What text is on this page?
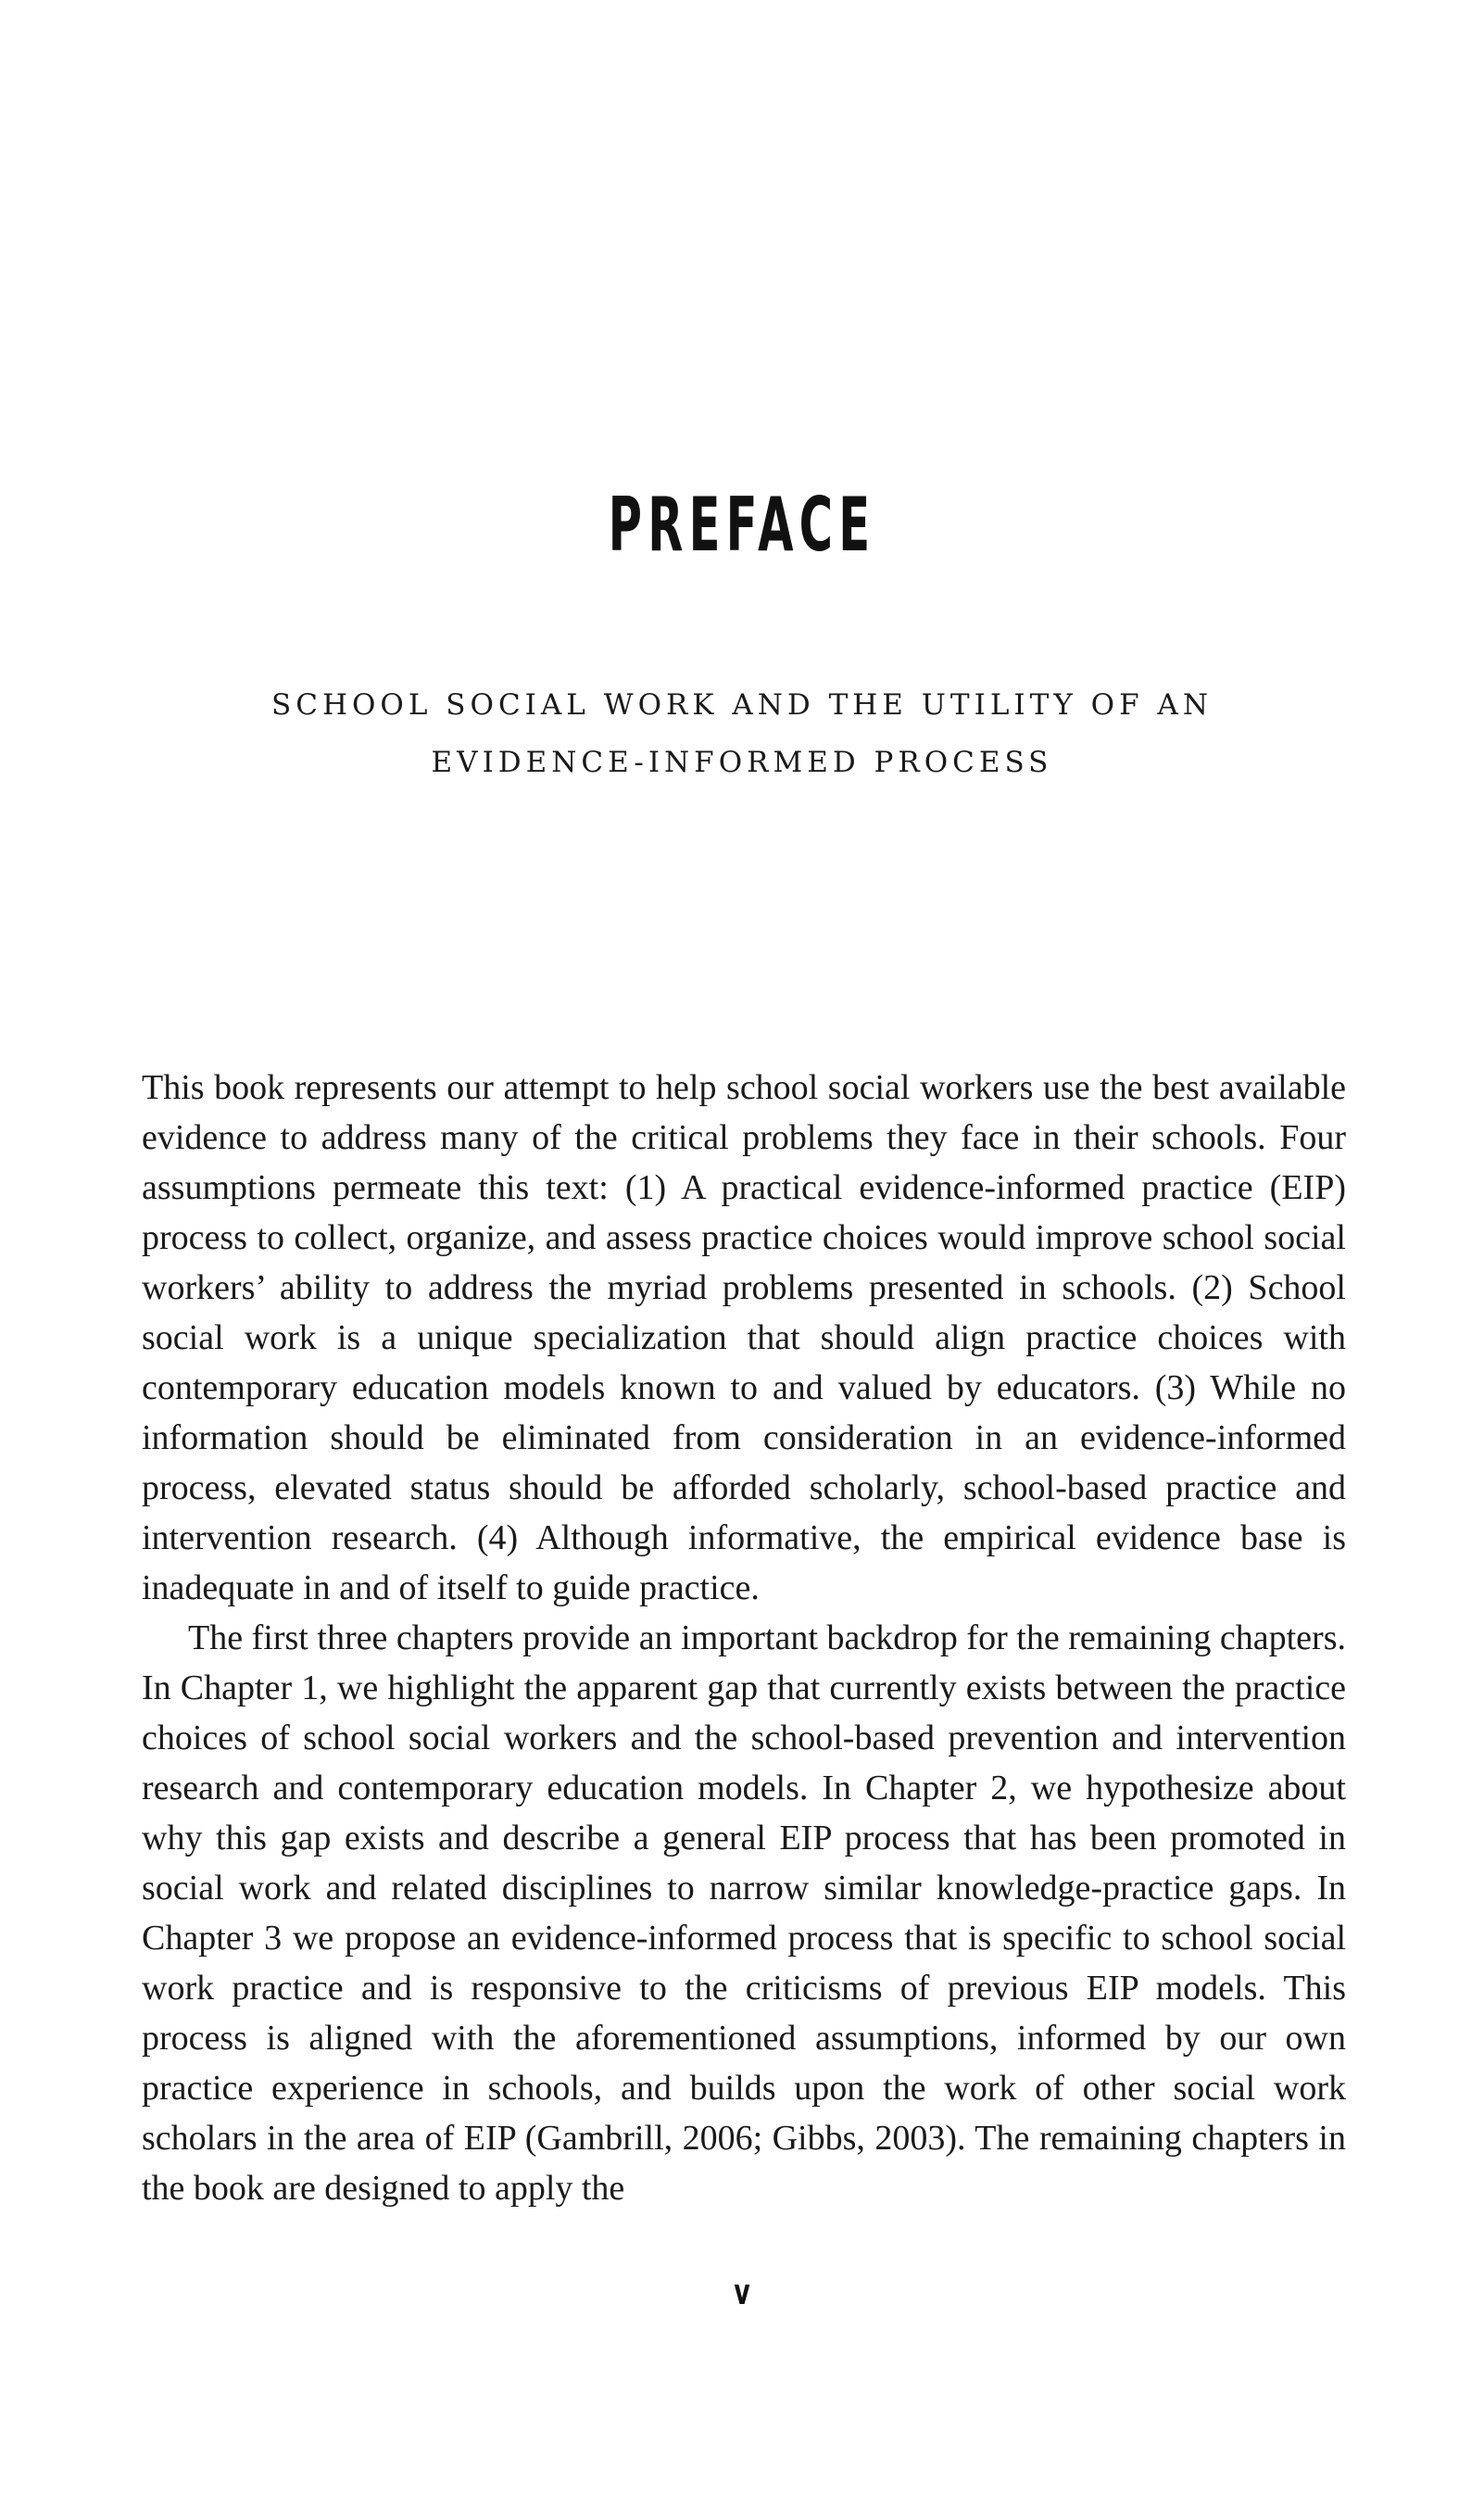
PREFACE
SCHOOL SOCIAL WORK AND THE UTILITY OF AN
EVIDENCE-INFORMED PROCESS

This book represents our attempt to help school social workers use the best available evidence to address many of the critical problems they face in their schools. Four assumptions permeate this text: (1) A practical evidence-informed practice (EIP) process to collect, organize, and assess practice choices would improve school social workers’ ability to address the myriad problems presented in schools. (2) School social work is a unique specialization that should align practice choices with contemporary education models known to and valued by educators. (3) While no information should be eliminated from consideration in an evidence-informed process, elevated status should be afforded scholarly, school-based practice and intervention research. (4) Although informative, the empirical evidence base is inadequate in and of itself to guide practice.

The first three chapters provide an important backdrop for the remaining chapters. In Chapter 1, we highlight the apparent gap that currently exists between the practice choices of school social workers and the school-based prevention and intervention research and contemporary education models. In Chapter 2, we hypothesize about why this gap exists and describe a general EIP process that has been promoted in social work and related disciplines to narrow similar knowledge-practice gaps. In Chapter 3 we propose an evidence-informed process that is specific to school social work practice and is responsive to the criticisms of previous EIP models. This process is aligned with the aforementioned assumptions, informed by our own practice experience in schools, and builds upon the work of other social work scholars in the area of EIP (Gambrill, 2006; Gibbs, 2003). The remaining chapters in the book are designed to apply the

v
